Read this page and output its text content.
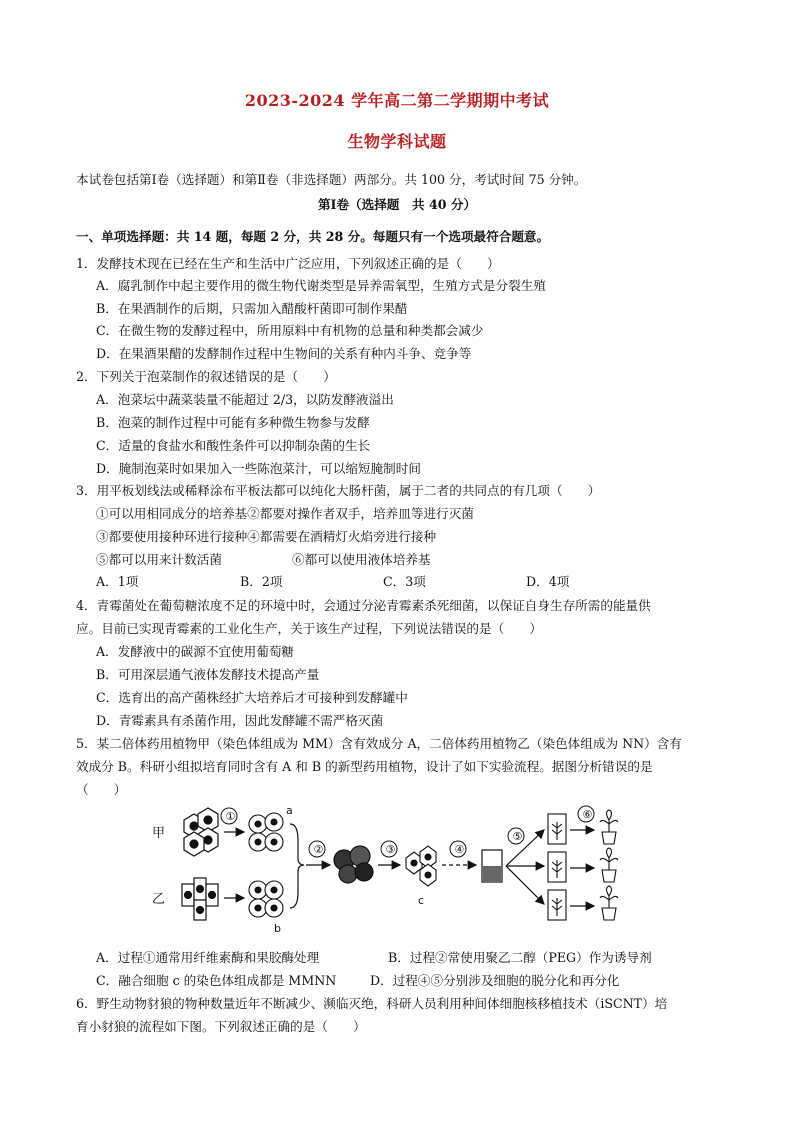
2023-2024 学年高二第二学期期中考试
生物学科试题
本试卷包括第Ⅰ卷（选择题）和第Ⅱ卷（非选择题）两部分。共 100 分，考试时间 75 分钟。
第Ⅰ卷（选择题　共 40 分）
一、单项选择题：共 14 题，每题 2 分，共 28 分。每题只有一个选项最符合题意。
1．发酵技术现在已经在生产和生活中广泛应用，下列叙述正确的是（　　）
A．腐乳制作中起主要作用的微生物代谢类型是异养需氧型，生殖方式是分裂生殖
B．在果酒制作的后期，只需加入醋酸杆菌即可制作果醋
C．在微生物的发酵过程中，所用原料中有机物的总量和种类都会减少
D．在果酒果醋的发酵制作过程中生物间的关系有种内斗争、竞争等
2．下列关于泡菜制作的叙述错误的是（　　）
A．泡菜坛中蔬菜装量不能超过 2/3，以防发酵液溢出
B．泡菜的制作过程中可能有多种微生物参与发酵
C．适量的食盐水和酸性条件可以抑制杂菌的生长
D．腌制泡菜时如果加入一些陈泡菜汁，可以缩短腌制时间
3．用平板划线法或稀释涂布平板法都可以纯化大肠杆菌，属于二者的共同点的有几项（　　）
①可以用相同成分的培养基②都要对操作者双手，培养皿等进行灭菌
③都要使用接种环进行接种④都需要在酒精灯火焰旁进行接种
⑤都可以用来计数活菌	⑥都可以使用液体培养基
A．1项	B．2项	C．3项	D．4项
4．青霉菌处在葡萄糖浓度不足的环境中时，会通过分泌青霉素杀死细菌，以保证自身生存所需的能量供
应。目前已实现青霉素的工业化生产，关于该生产过程，下列说法错误的是（　　）
A．发酵液中的碳源不宜使用葡萄糖
B．可用深层通气液体发酵技术提高产量
C．选育出的高产菌株经扩大培养后才可接种到发酵罐中
D．青霉素具有杀菌作用，因此发酵罐不需严格灭菌
5．某二倍体药用植物甲（染色体组成为 MM）含有效成分 A，二倍体药用植物乙（染色体组成为 NN）含有
效成分 B。科研小组拟培育同时含有 A 和 B 的新型药用植物，设计了如下实验流程。据图分析错误的是
（　　）
甲
乙
①	a
b
②	③
c
④
⑤
⑥
A．过程①通常用纤维素酶和果胶酶处理	B．过程②常使用聚乙二醇（PEG）作为诱导剂
C．融合细胞 c 的染色体组成都是 MMNN	D．过程④⑤分别涉及细胞的脱分化和再分化
6．野生动物豺狼的物种数量近年不断减少、濒临灭绝，科研人员利用种间体细胞核移植技术（iSCNT）培
育小豺狼的流程如下图。下列叙述正确的是（　　）
